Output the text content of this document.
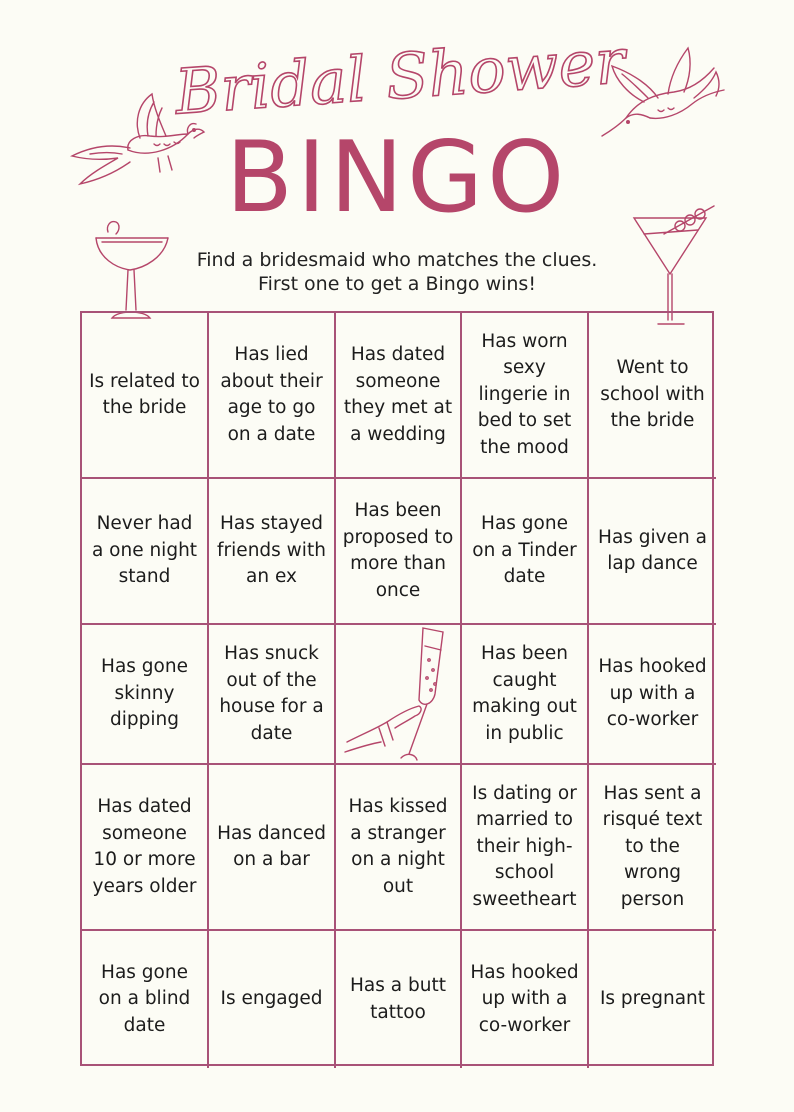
Bridal Shower
BINGO
Find a bridesmaid who matches the clues.
First one to get a Bingo wins!
Is related to the bride
Has lied about their age to go on a date
Has dated someone they met at a wedding
Has worn sexy lingerie in bed to set the mood
Went to school with the bride
Never had a one night stand
Has stayed friends with an ex
Has been proposed to more than once
Has gone on a Tinder date
Has given a lap dance
Has gone skinny dipping
Has snuck out of the house for a date
Has been caught making out in public
Has hooked up with a co-worker
Has dated someone 10 or more years older
Has danced on a bar
Has kissed a stranger on a night out
Is dating or married to their high-school sweetheart
Has sent a risqué text to the wrong person
Has gone on a blind date
Is engaged
Has a butt tattoo
Has hooked up with a co-worker
Is pregnant
